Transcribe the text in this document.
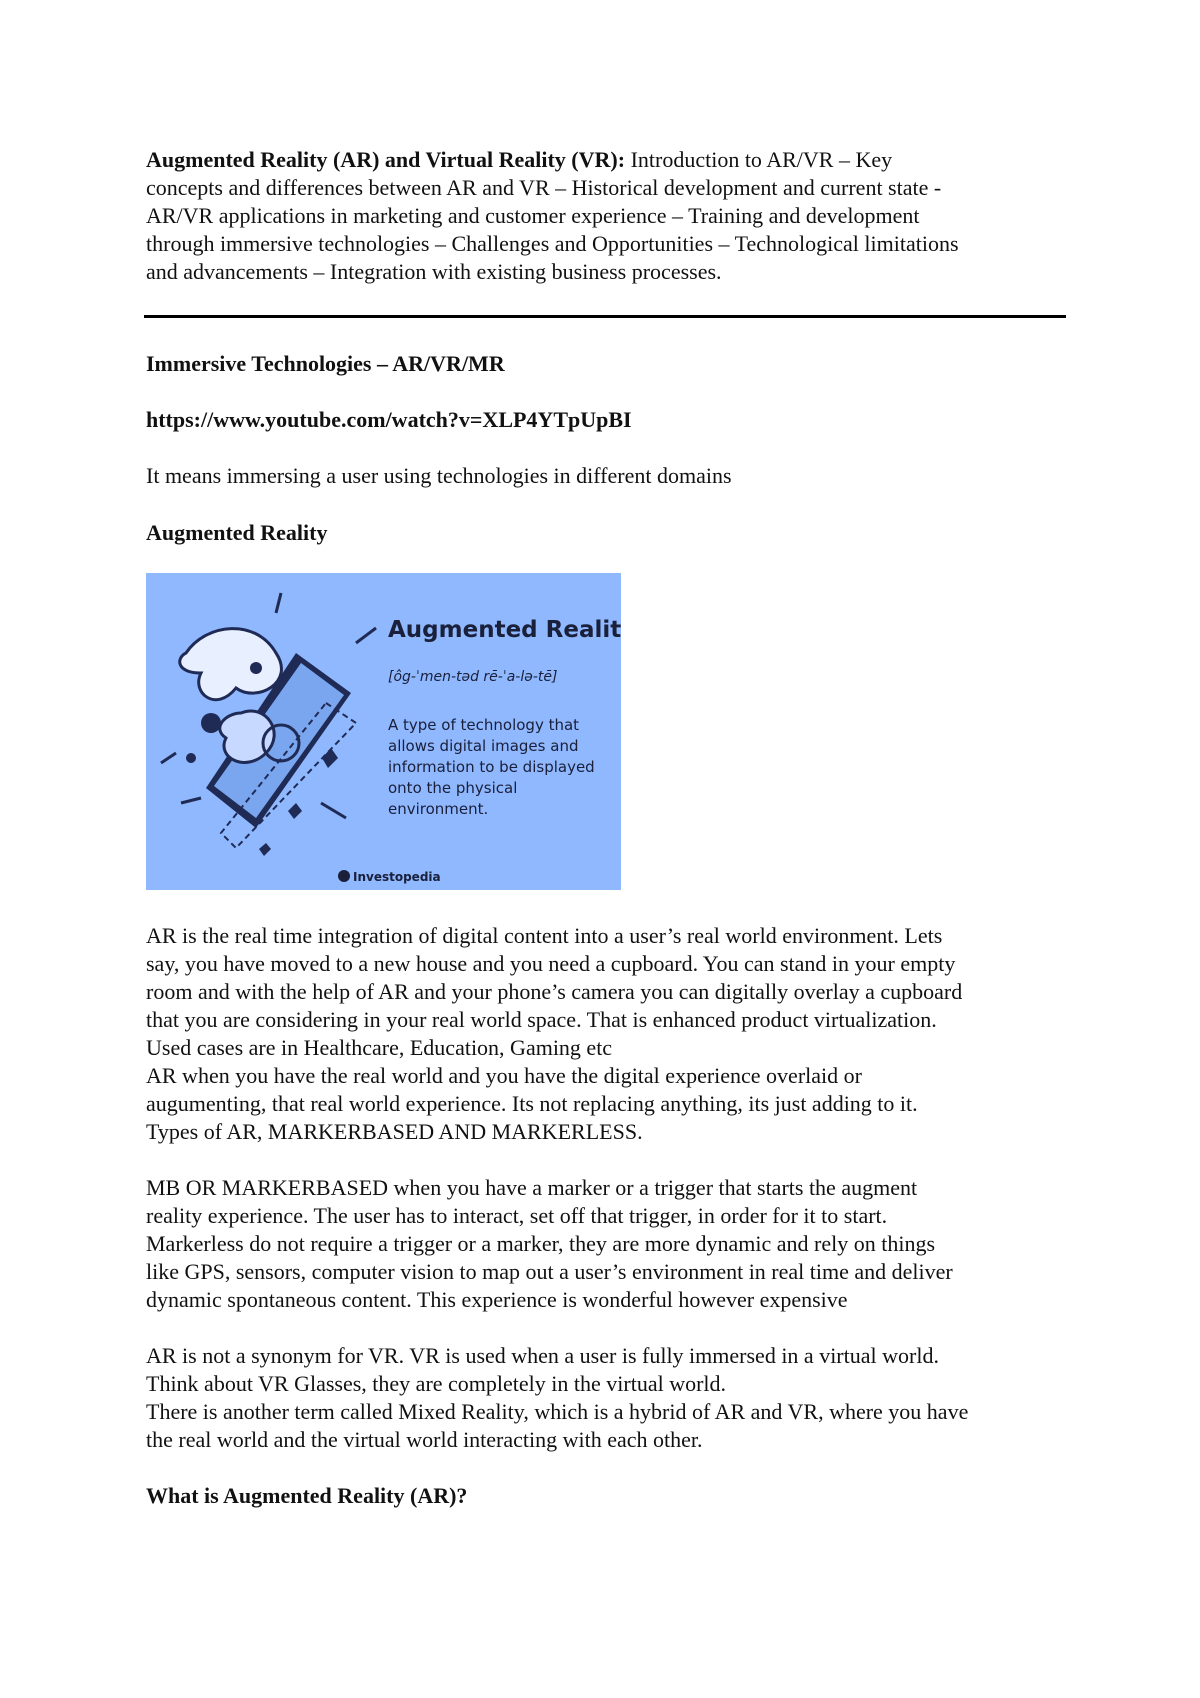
Augmented Reality (AR) and Virtual Reality (VR): Introduction to AR/VR – Key
concepts and differences between AR and VR – Historical development and current state -
AR/VR applications in marketing and customer experience – Training and development
through immersive technologies – Challenges and Opportunities – Technological limitations
and advancements – Integration with existing business processes.
Immersive Technologies – AR/VR/MR
https://www.youtube.com/watch?v=XLP4YTpUpBI
It means immersing a user using technologies in different domains
Augmented Reality
Augmented Reality
[ôg-ˈmen-təd rē-ˈa-lə-tē]
A type of technology that
allows digital images and
information to be displayed
onto the physical
environment.
Investopedia
AR is the real time integration of digital content into a user’s real world environment. Lets
say, you have moved to a new house and you need a cupboard. You can stand in your empty
room and with the help of AR and your phone’s camera you can digitally overlay a cupboard
that you are considering in your real world space. That is enhanced product virtualization.
Used cases are in Healthcare, Education, Gaming etc
AR when you have the real world and you have the digital experience overlaid or
augumenting, that real world experience. Its not replacing anything, its just adding to it.
Types of AR, MARKERBASED AND MARKERLESS.
MB OR MARKERBASED when you have a marker or a trigger that starts the augment
reality experience. The user has to interact, set off that trigger, in order for it to start.
Markerless do not require a trigger or a marker, they are more dynamic and rely on things
like GPS, sensors, computer vision to map out a user’s environment in real time and deliver
dynamic spontaneous content. This experience is wonderful however expensive
AR is not a synonym for VR. VR is used when a user is fully immersed in a virtual world.
Think about VR Glasses, they are completely in the virtual world.
There is another term called Mixed Reality, which is a hybrid of AR and VR, where you have
the real world and the virtual world interacting with each other.
What is Augmented Reality (AR)?
